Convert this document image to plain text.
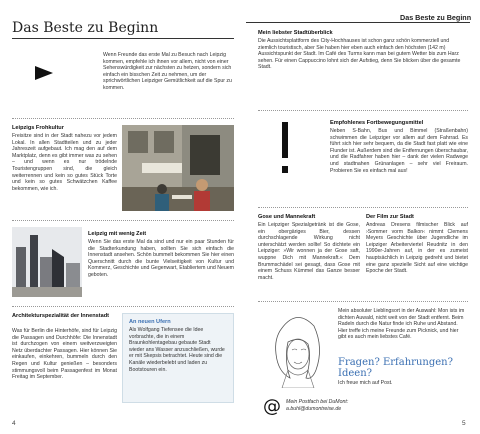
Das Beste zu Beginn
Wenn Freunde das erste Mal zu Besuch nach Leipzig kommen, empfehle ich ihnen vor allem, nicht von einer Sehenswürdigkeit zur nächsten zu hetzen, sondern sich einfach ein bisschen Zeit zu nehmen, um der sprichwörtlichen Leipziger Gemütlichkeit auf die Spur zu kommen.
Leipzigs Frohkultur
Freisitze sind in der Stadt nahezu vor jedem Lokal. In allen Stadtteilen und zu jeder Jahreszeit aufgebaut. Ich mag den auf dem Marktplatz, denn es gibt immer was zu sehen – und wenn es nur trödelnde Touristengruppen sind, die gleich weiterrennen und kein so gutes Stück Torte und kein so gutes Schwätzchen Kaffee bekommen, wie ich.
Leipzig mit wenig Zeit
Wenn Sie das erste Mal da sind und nur ein paar Stunden für die Stadterkundung haben, sollten Sie sich einfach die Innenstadt ansehen. Schön bummelt bekommen Sie hier einen Querschnitt durch die bunte Vielseitigkeit von Kultur und Kommerz, Geschichte und Gegenwart, Etabliertem und Neuem geboten.
Architekturspezialität der Innenstadt
Was für Berlin die Hinterhöfe, sind für Leipzig die Passagen und Durchhöfe: Die Innenstadt ist durchzogen von einem weitverzweigten Netz überdachter Passagen. Hier können Sie einkaufen, einkehren, bummeln durch den Regen und Kultur genießen – besonders stimmungsvoll beim Passagenfest im Monat Freitag im September.
An neuen Ufern
Als Wolfgang Tiefensee die Idee vorbrachte, die in einem Braunkohlentagebau gebaute Stadt wieder ans Wasser anzuschließen, wurde er mit Skepsis betrachtet. Heute sind die Kanäle wiederbelebt und laden zu Bootstouren ein.
4
Das Beste zu Beginn
Mein liebster Stadtüberblick
Die Aussichtsplattform des City-Hochhauses ist schon ganz schön kommerziell und ziemlich touristisch, aber Sie haben hier eben auch einfach den höchsten (142 m) Aussichtspunkt der Stadt. Im Café des Turms kann man bei gutem Wetter bis zum Harz sehen. Für einen Cappuccino lohnt sich der Aufstieg, denn Sie blicken über die gesamte Stadt.
Empfohlenes Fortbewegungsmittel
Neben S-Bahn, Bus und Bimmel (Straßenbahn) schwimmen die Leipziger vor allem auf dem Fahrrad. Es führt sich hier sehr bequem, da die Stadt fast platt wie eine Flunder ist. Außerdem sind die Entfernungen überschaubar, und die Radfahrer haben hier – dank der vielen Radwege und stadtnahen Grünanlagen – sehr viel Freiraum. Probieren Sie es einfach mal aus!
Gose und Mannekraft
Ein Leipziger Spezialgetränk ist die Gose, ein obergäriges Bier, dessen durchschlagende Wirkung nicht unterschätzt werden sollte! So dichtete ein Leipziger: »Wir wonnen ja der Gose saft, wuppne Dich mit Mannekraft.« Dem Brummschädel sei gesagt, dass Gose mit einem Schuss Kümmel das Ganze besser macht.
Der Film zur Stadt
Andreas Dresens filmischer Blick auf ›Sommer vorm Balkon‹ nimmt Clemens Meyers Geschichte über Jugendliche im Leipziger Arbeiterviertel Reudnitz in den 1990er-Jahren auf, in der es zumeist hauptsächlich in Leipzig gedreht und bietet eine ganz spezielle Sicht auf eine wichtige Epoche der Stadt.
Mein absoluter Lieblingsort in der Auswahl: Mon ists im dichten Auwald, nicht weit von der Stadt entfernt. Beim Radeln durch die Natur finde ich Ruhe und Abstand. Hier treffe ich meine Freunde zum Picknick, und hier gibt es auch mein liebstes Café.
Fragen? Erfahrungen? Ideen?
Ich freue mich auf Post.
@ Mein Postfach bei DuMont:
a.buhl@dumontreise.de
5
